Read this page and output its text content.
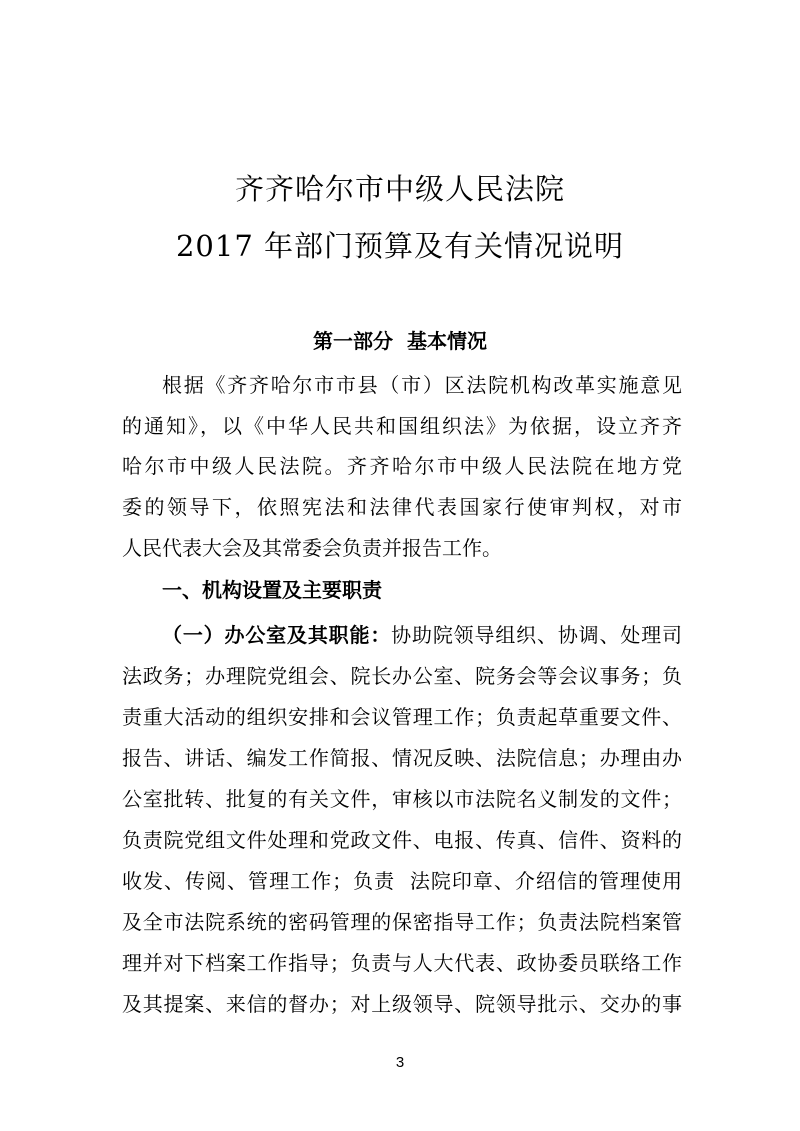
齐齐哈尔市中级人民法院
2017 年部门预算及有关情况说明
第一部分  基本情况
根据《齐齐哈尔市市县（市）区法院机构改革实施意见
的通知》，以《中华人民共和国组织法》为依据，设立齐齐
哈尔市中级人民法院。齐齐哈尔市中级人民法院在地方党
委的领导下，依照宪法和法律代表国家行使审判权，对市
人民代表大会及其常委会负责并报告工作。
一、机构设置及主要职责
（一）办公室及其职能：协助院领导组织、协调、处理司
法政务；办理院党组会、院长办公室、院务会等会议事务；负
责重大活动的组织安排和会议管理工作；负责起草重要文件、
报告、讲话、编发工作简报、情况反映、法院信息；办理由办
公室批转、批复的有关文件，审核以市法院名义制发的文件；
负责院党组文件处理和党政文件、电报、传真、信件、资料的
收发、传阅、管理工作；负责  法院印章、介绍信的管理使用
及全市法院系统的密码管理的保密指导工作；负责法院档案管
理并对下档案工作指导；负责与人大代表、政协委员联络工作
及其提案、来信的督办；对上级领导、院领导批示、交办的事
3
